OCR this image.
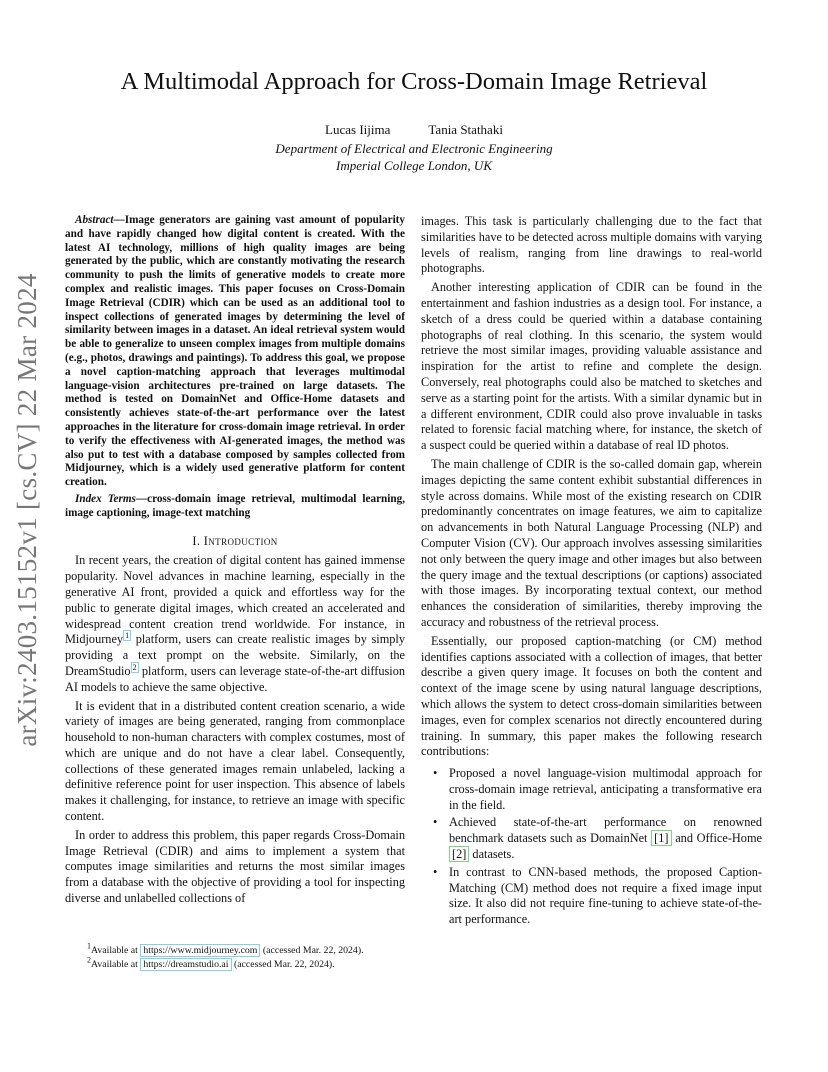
arXiv:2403.15152v1 [cs.CV] 22 Mar 2024
A Multimodal Approach for Cross-Domain Image Retrieval
Lucas Iijima	Tania Stathaki
Department of Electrical and Electronic Engineering
Imperial College London, UK

Abstract—Image generators are gaining vast amount of popularity and have rapidly changed how digital content is created. With the latest AI technology, millions of high quality images are being generated by the public, which are constantly motivating the research community to push the limits of generative models to create more complex and realistic images. This paper focuses on Cross-Domain Image Retrieval (CDIR) which can be used as an additional tool to inspect collections of generated images by determining the level of similarity between images in a dataset. An ideal retrieval system would be able to generalize to unseen complex images from multiple domains (e.g., photos, drawings and paintings). To address this goal, we propose a novel caption-matching approach that leverages multimodal language-vision architectures pre-trained on large datasets. The method is tested on DomainNet and Office-Home datasets and consistently achieves state-of-the-art performance over the latest approaches in the literature for cross-domain image retrieval. In order to verify the effectiveness with AI-generated images, the method was also put to test with a database composed by samples collected from Midjourney, which is a widely used generative platform for content creation.

Index Terms—cross-domain image retrieval, multimodal learning, image captioning, image-text matching

I. Introduction

In recent years, the creation of digital content has gained immense popularity. Novel advances in machine learning, especially in the generative AI front, provided a quick and effortless way for the public to generate digital images, which created an accelerated and widespread content creation trend worldwide. For instance, in Midjourney $^1$ platform, users can create realistic images by simply providing a text prompt on the website. Similarly, on the DreamStudio $^2$ platform, users can leverage state-of-the-art diffusion AI models to achieve the same objective.

It is evident that in a distributed content creation scenario, a wide variety of images are being generated, ranging from commonplace household to non-human characters with complex costumes, most of which are unique and do not have a clear label. Consequently, collections of these generated images remain unlabeled, lacking a definitive reference point for user inspection. This absence of labels makes it challenging, for instance, to retrieve an image with specific content.

In order to address this problem, this paper regards Cross-Domain Image Retrieval (CDIR) and aims to implement a system that computes image similarities and returns the most similar images from a database with the objective of providing a tool for inspecting diverse and unlabelled collections of

$^1$Available at https://www.midjourney.com (accessed Mar. 22, 2024).
$^2$Available at https://dreamstudio.ai (accessed Mar. 22, 2024).

images. This task is particularly challenging due to the fact that similarities have to be detected across multiple domains with varying levels of realism, ranging from line drawings to real-world photographs.

Another interesting application of CDIR can be found in the entertainment and fashion industries as a design tool. For instance, a sketch of a dress could be queried within a database containing photographs of real clothing. In this scenario, the system would retrieve the most similar images, providing valuable assistance and inspiration for the artist to refine and complete the design. Conversely, real photographs could also be matched to sketches and serve as a starting point for the artists. With a similar dynamic but in a different environment, CDIR could also prove invaluable in tasks related to forensic facial matching where, for instance, the sketch of a suspect could be queried within a database of real ID photos.

The main challenge of CDIR is the so-called domain gap, wherein images depicting the same content exhibit substantial differences in style across domains. While most of the existing research on CDIR predominantly concentrates on image features, we aim to capitalize on advancements in both Natural Language Processing (NLP) and Computer Vision (CV). Our approach involves assessing similarities not only between the query image and other images but also between the query image and the textual descriptions (or captions) associated with those images. By incorporating textual context, our method enhances the consideration of similarities, thereby improving the accuracy and robustness of the retrieval process.

Essentially, our proposed caption-matching (or CM) method identifies captions associated with a collection of images, that better describe a given query image. It focuses on both the content and context of the image scene by using natural language descriptions, which allows the system to detect cross-domain similarities between images, even for complex scenarios not directly encountered during training. In summary, this paper makes the following research contributions:

• Proposed a novel language-vision multimodal approach for cross-domain image retrieval, anticipating a transformative era in the field.
• Achieved state-of-the-art performance on renowned benchmark datasets such as DomainNet [1] and Office-Home [2] datasets.
• In contrast to CNN-based methods, the proposed Caption-Matching (CM) method does not require a fixed image input size. It also did not require fine-tuning to achieve state-of-the-art performance.
